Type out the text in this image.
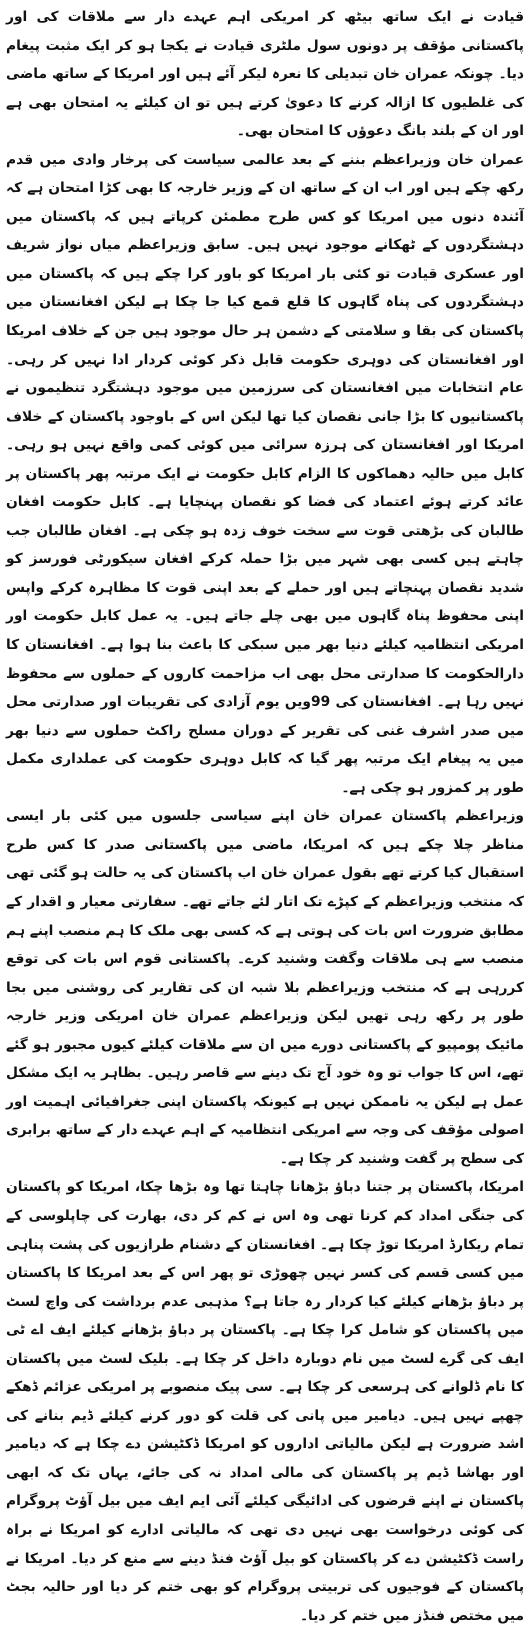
قیادت نے ایک ساتھ بیٹھ کر امریکی اہم عہدے دار سے ملاقات کی اور پاکستانی مؤقف پر دونوں سول ملٹری قیادت نے یکجا ہو کر ایک مثبت پیغام دیا۔ چونکہ عمران خان تبدیلی کا نعرہ لیکر آئے ہیں اور امریکا کے ساتھ ماضی کی غلطیوں کا ازالہ کرنے کا دعویٰ کرتے ہیں تو ان کیلئے یہ امتحان بھی ہے اور ان کے بلند بانگ دعوؤں کا امتحان بھی۔

عمران خان وزیراعظم بننے کے بعد عالمی سیاست کی پرخار وادی میں قدم رکھ چکے ہیں اور اب ان کے ساتھ ان کے وزیر خارجہ کا بھی کڑا امتحان ہے کہ آئندہ دنوں میں امریکا کو کس طرح مطمئن کرپاتے ہیں کہ پاکستان میں دہشتگردوں کے ٹھکانے موجود نہیں ہیں۔ سابق وزیراعظم میاں نواز شریف اور عسکری قیادت تو کئی بار امریکا کو باور کرا چکے ہیں کہ پاکستان میں دہشتگردوں کی پناہ گاہوں کا قلع قمع کیا جا چکا ہے لیکن افغانستان میں پاکستان کی بقا و سلامتی کے دشمن ہر حال موجود ہیں جن کے خلاف امریکا اور افغانستان کی دوہری حکومت قابل ذکر کوئی کردار ادا نہیں کر رہی۔ عام انتخابات میں افغانستان کی سرزمین میں موجود دہشتگرد تنظیموں نے پاکستانیوں کا بڑا جانی نقصان کیا تھا لیکن اس کے باوجود پاکستان کے خلاف امریکا اور افغانستان کی ہرزہ سرائی میں کوئی کمی واقع نہیں ہو رہی۔ کابل میں حالیہ دھماکوں کا الزام کابل حکومت نے ایک مرتبہ پھر پاکستان پر عائد کرتے ہوئے اعتماد کی فضا کو نقصان پہنچایا ہے۔ کابل حکومت افغان طالبان کی بڑھتی قوت سے سخت خوف زدہ ہو چکی ہے۔ افغان طالبان جب چاہتے ہیں کسی بھی شہر میں بڑا حملہ کرکے افغان سیکورٹی فورسز کو شدید نقصان پہنچاتے ہیں اور حملے کے بعد اپنی قوت کا مظاہرہ کرکے واپس اپنی محفوظ پناہ گاہوں میں بھی چلے جاتے ہیں۔ یہ عمل کابل حکومت اور امریکی انتظامیہ کیلئے دنیا بھر میں سبکی کا باعث بنا ہوا ہے۔ افغانستان کا دارالحکومت کا صدارتی محل بھی اب مزاحمت کاروں کے حملوں سے محفوظ نہیں رہا ہے۔ افغانستان کی 99ویں یوم آزادی کی تقریبات اور صدارتی محل میں صدر اشرف غنی کی تقریر کے دوران مسلح راکٹ حملوں سے دنیا بھر میں یہ پیغام ایک مرتبہ پھر گیا کہ کابل دوہری حکومت کی عملداری مکمل طور پر کمزور ہو چکی ہے۔

وزیراعظم پاکستان عمران خان اپنے سیاسی جلسوں میں کئی بار ایسی مناظر چلا چکے ہیں کہ امریکا، ماضی میں پاکستانی صدر کا کس طرح استقبال کیا کرتے تھے بقول عمران خان اب پاکستان کی یہ حالت ہو گئی تھی کہ منتخب وزیراعظم کے کپڑے تک اتار لئے جاتے تھے۔ سفارتی معیار و اقدار کے مطابق ضرورت اس بات کی ہوتی ہے کہ کسی بھی ملک کا ہم منصب اپنے ہم منصب سے ہی ملاقات وگفت وشنید کرے۔ پاکستانی قوم اس بات کی توقع کررہی ہے کہ منتخب وزیراعظم بلا شبہ ان کی تقاریر کی روشنی میں بجا طور پر رکھ رہی تھیں لیکن وزیراعظم عمران خان امریکی وزیر خارجہ مائیک پومپیو کے پاکستانی دورے میں ان سے ملاقات کیلئے کیوں مجبور ہو گئے تھے، اس کا جواب تو وہ خود آج تک دینے سے قاصر رہیں۔ بظاہر یہ ایک مشکل عمل ہے لیکن یہ ناممکن نہیں ہے کیونکہ پاکستان اپنی جغرافیائی اہمیت اور اصولی مؤقف کی وجہ سے امریکی انتظامیہ کے اہم عہدے دار کے ساتھ برابری کی سطح پر گفت وشنید کر چکا ہے۔

امریکا، پاکستان پر جتنا دباؤ بڑھانا چاہتا تھا وہ بڑھا چکا، امریکا کو پاکستان کی جنگی امداد کم کرنا تھی وہ اس نے کم کر دی، بھارت کی چاپلوسی کے تمام ریکارڈ امریکا توڑ چکا ہے۔ افغانستان کے دشنام طرازیوں کی پشت پناہی میں کسی قسم کی کسر نہیں چھوڑی تو پھر اس کے بعد امریکا کا پاکستان پر دباؤ بڑھانے کیلئے کیا کردار رہ جاتا ہے؟ مذہبی عدم برداشت کی واچ لسٹ میں پاکستان کو شامل کرا چکا ہے۔ پاکستان پر دباؤ بڑھانے کیلئے ایف اے ٹی ایف کی گرے لسٹ میں نام دوبارہ داخل کر چکا ہے۔ بلیک لسٹ میں پاکستان کا نام ڈلوانے کی ہرسعی کر چکا ہے۔ سی پیک منصوبے پر امریکی عزائم ڈھکے چھپے نہیں ہیں۔ دیامیر میں پانی کی قلت کو دور کرنے کیلئے ڈیم بنانے کی اشد ضرورت ہے لیکن مالیاتی اداروں کو امریکا ڈکٹیشن دے چکا ہے کہ دیامیر اور بھاشا ڈیم پر پاکستان کی مالی امداد نہ کی جائے، یہاں تک کہ ابھی پاکستان نے اپنے قرضوں کی ادائیگی کیلئے آئی ایم ایف میں بیل آؤٹ پروگرام کی کوئی درخواست بھی نہیں دی تھی کہ مالیاتی ادارے کو امریکا نے براہ راست ڈکٹیشن دے کر پاکستان کو بیل آؤٹ فنڈ دینے سے منع کر دیا۔ امریکا نے پاکستان کے فوجیوں کی تربیتی پروگرام کو بھی ختم کر دیا اور حالیہ بجٹ میں مختص فنڈز میں ختم کر دیا۔
